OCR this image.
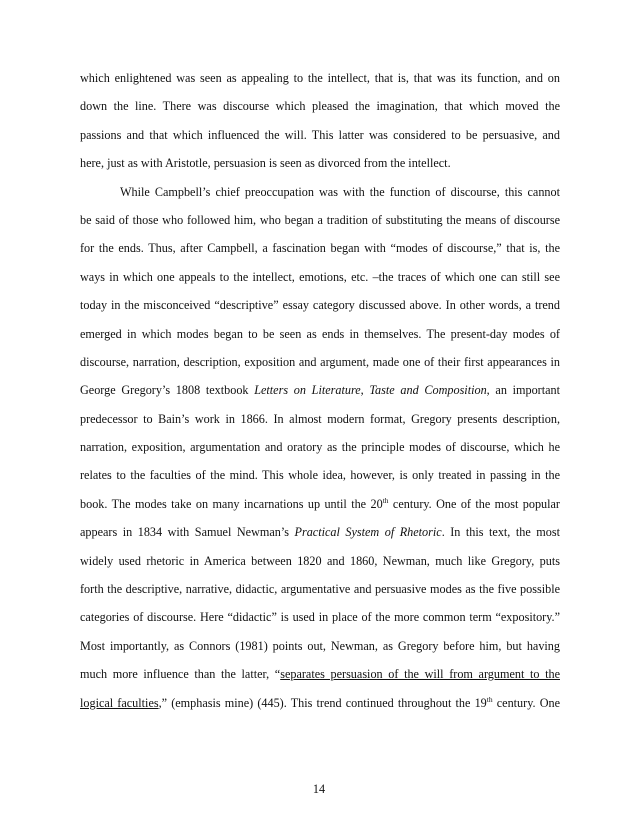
which enlightened was seen as appealing to the intellect, that is, that was its function, and on
down the line. There was discourse which pleased the imagination, that which moved the
passions and that which influenced the will. This latter was considered to be persuasive, and
here, just as with Aristotle, persuasion is seen as divorced from the intellect.
While Campbell’s chief preoccupation was with the function of discourse, this cannot
be said of those who followed him, who began a tradition of substituting the means of discourse
for the ends. Thus, after Campbell, a fascination began with “modes of discourse,” that is, the
ways in which one appeals to the intellect, emotions, etc. –the traces of which one can still see
today in the misconceived “descriptive” essay category discussed above. In other words, a trend
emerged in which modes began to be seen as ends in themselves. The present-day modes of
discourse, narration, description, exposition and argument, made one of their first appearances in
George Gregory’s 1808 textbook Letters on Literature, Taste and Composition, an important
predecessor to Bain’s work in 1866. In almost modern format, Gregory presents description,
narration, exposition, argumentation and oratory as the principle modes of discourse, which he
relates to the faculties of the mind. This whole idea, however, is only treated in passing in the
book. The modes take on many incarnations up until the 20th century. One of the most popular
appears in 1834 with Samuel Newman’s Practical System of Rhetoric. In this text, the most
widely used rhetoric in America between 1820 and 1860, Newman, much like Gregory, puts
forth the descriptive, narrative, didactic, argumentative and persuasive modes as the five possible
categories of discourse. Here “didactic” is used in place of the more common term “expository.”
Most importantly, as Connors (1981) points out, Newman, as Gregory before him, but having
much more influence than the latter, “separates persuasion of the will from argument to the
logical faculties,” (emphasis mine) (445). This trend continued throughout the 19th century. One
14
